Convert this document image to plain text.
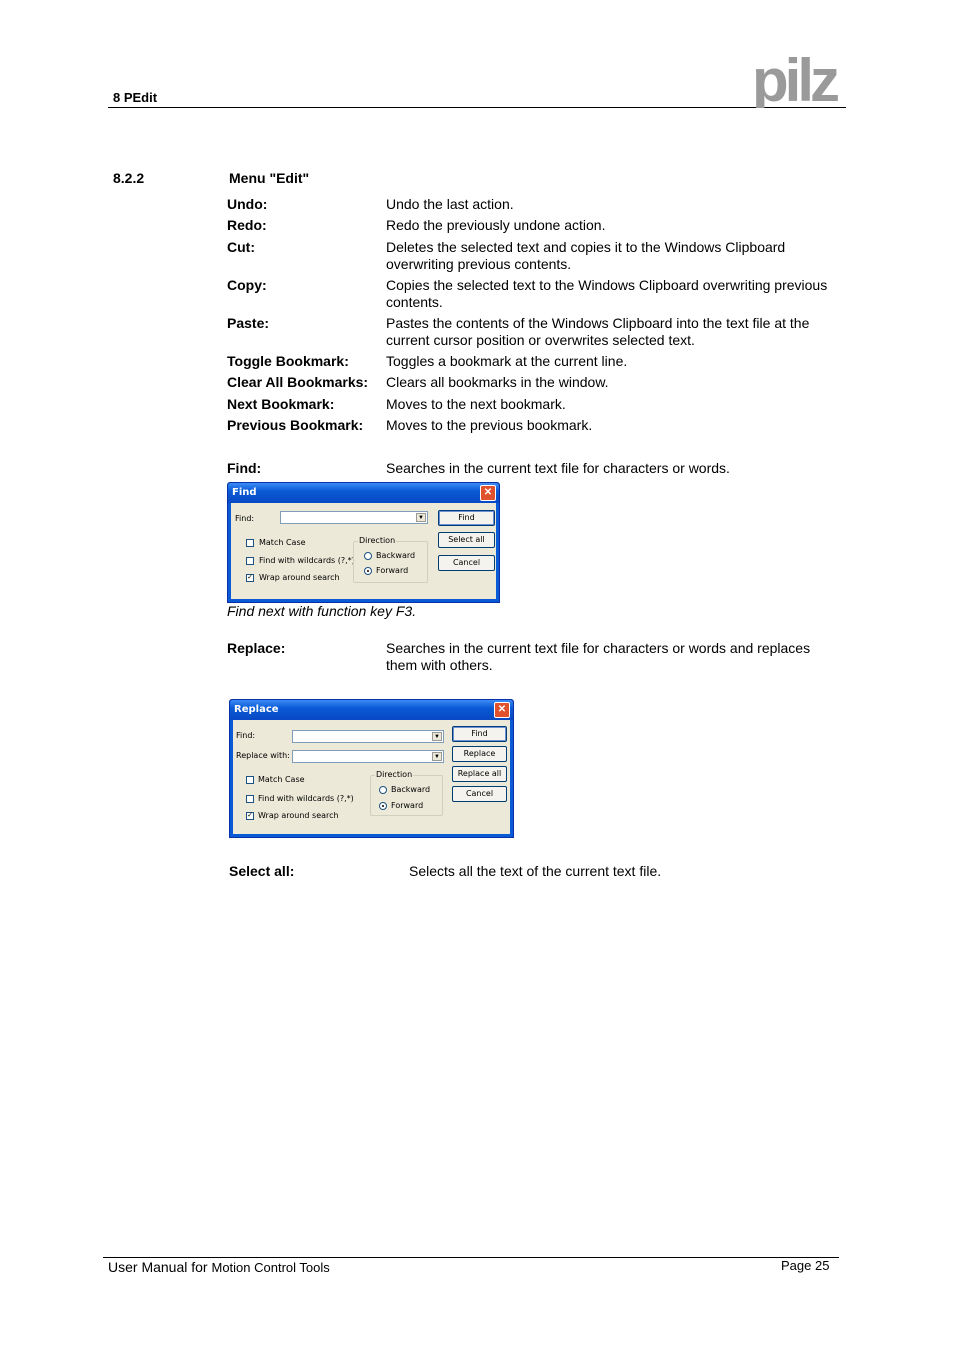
8 PEdit	pilz
8.2.2	Menu "Edit"
Undo:	Undo the last action.
Redo:	Redo the previously undone action.
Cut:	Deletes the selected text and copies it to the Windows Clipboard overwriting previous contents.
Copy:	Copies the selected text to the Windows Clipboard overwriting previous contents.
Paste:	Pastes the contents of the Windows Clipboard into the text file at the current cursor position or overwrites selected text.
Toggle Bookmark:	Toggles a bookmark at the current line.
Clear All Bookmarks: Clears all bookmarks in the window.
Next Bookmark:	Moves to the next bookmark.
Previous Bookmark: Moves to the previous bookmark.
Find:	Searches in the current text file for characters or words.
Find	✕
Find:	▼	Find
Select all
Cancel
Match Case
Find with wildcards (?,*)
✓ Wrap around search
Direction
Backward
Forward
Find next with function key F3.
Replace:	Searches in the current text file for characters or words and replaces them with others.
Replace	✕
Find:	▼
Replace with:	▼
Find
Replace
Replace all
Cancel
Match Case
Find with wildcards (?,*)
✓ Wrap around search
Direction
Backward
Forward
Select all:	Selects all the text of the current text file.
User Manual for Motion Control Tools	Page 25
